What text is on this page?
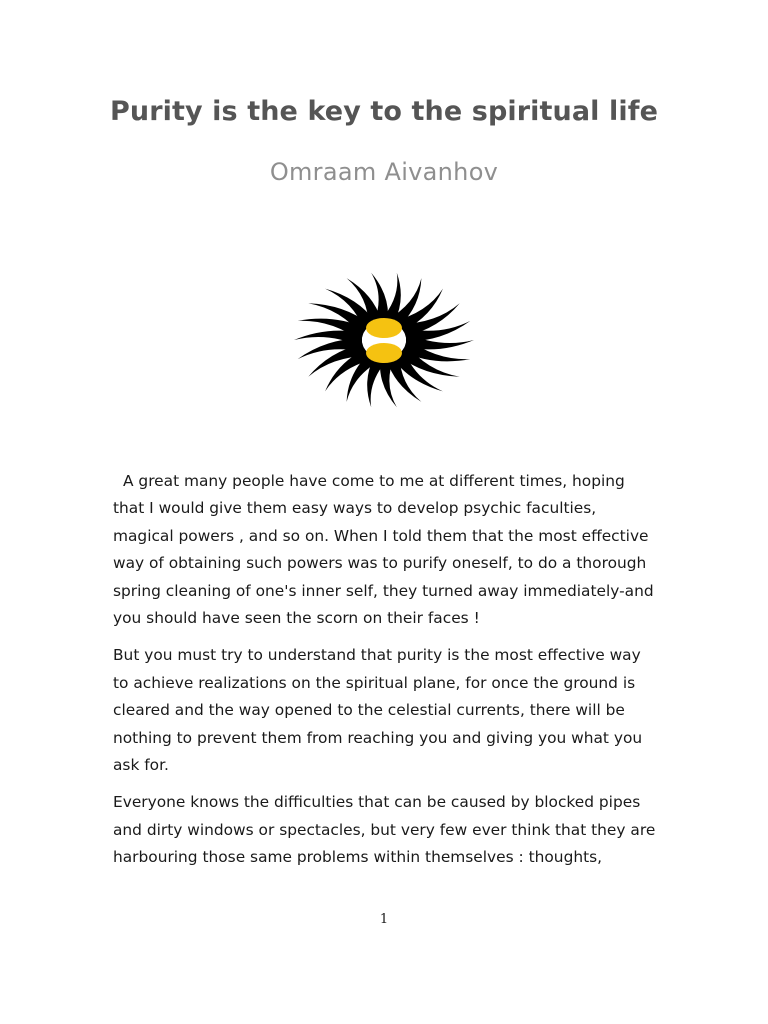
Purity is the key to the spiritual life
Omraam Aivanhov

A great many people have come to me at different times, hoping
that I would give them easy ways to develop psychic faculties,
magical powers , and so on. When I told them that the most effective
way of obtaining such powers was to purify oneself, to do a thorough
spring cleaning of one's inner self, they turned away immediately-and
you should have seen the scorn on their faces !

But you must try to understand that purity is the most effective way
to achieve realizations on the spiritual plane, for once the ground is
cleared and the way opened to the celestial currents, there will be
nothing to prevent them from reaching you and giving you what you
ask for.

Everyone knows the difficulties that can be caused by blocked pipes
and dirty windows or spectacles, but very few ever think that they are
harbouring those same problems within themselves : thoughts,

1
